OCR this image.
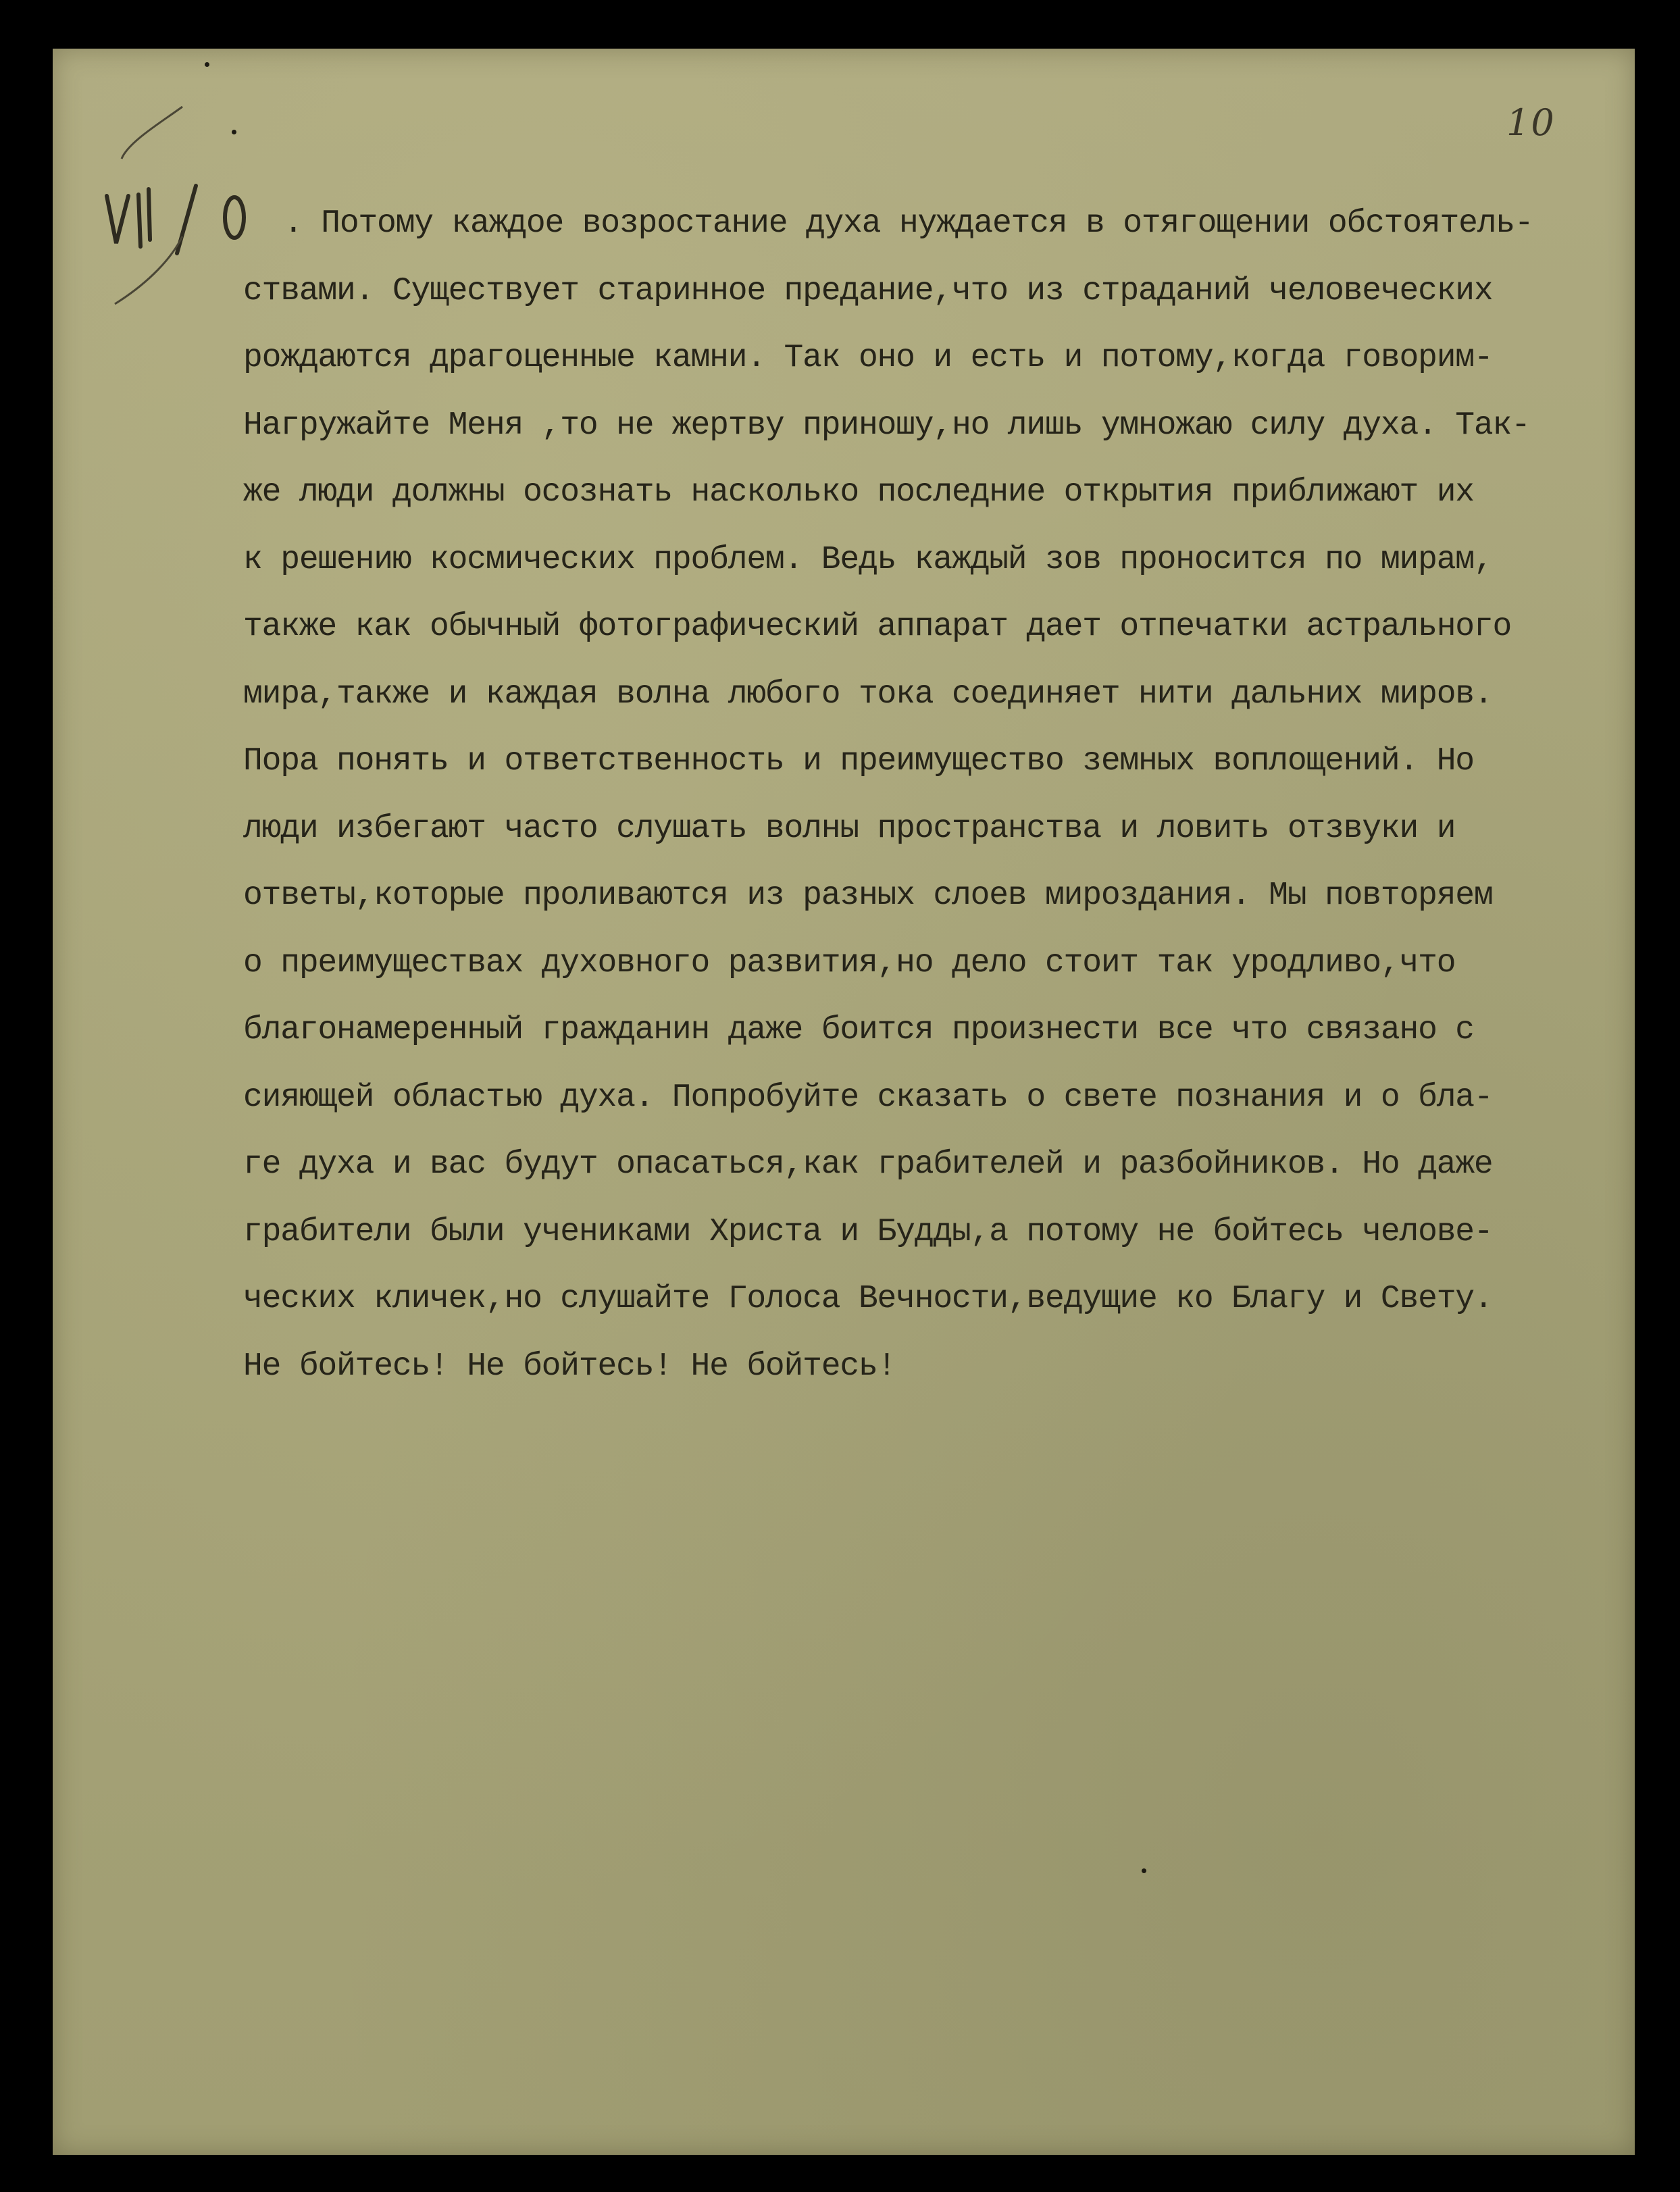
10
. Потому каждое возростание духа нуждается в отягощении обстоятель-
ствами. Существует старинное предание,что из страданий человеческих
рождаются драгоценные камни. Так оно и есть и потому,когда говорим-
Нагружайте Меня ,то не жертву приношу,но лишь умножаю силу духа. Так-
же люди должны осознать насколько последние открытия приближают их
к решению космических проблем. Ведь каждый зов проносится по мирам,
также как обычный фотографический аппарат дает отпечатки астрального
мира,также и каждая волна любого тока соединяет нити дальних миров.
Пора понять и ответственность и преимущество земных воплощений. Но
люди избегают часто слушать волны пространства и ловить отзвуки и
ответы,которые проливаются из разных слоев мироздания. Мы повторяем
о преимуществах духовного развития,но дело стоит так уродливо,что
благонамеренный гражданин даже боится произнести все что связано с
сияющей областью духа. Попробуйте сказать о свете познания и о бла-
ге духа и вас будут опасаться,как грабителей и разбойников. Но даже
грабители были учениками Христа и Будды,а потому не бойтесь челове-
ческих кличек,но слушайте Голоса Вечности,ведущие ко Благу и Свету.
Не бойтесь! Не бойтесь! Не бойтесь!
